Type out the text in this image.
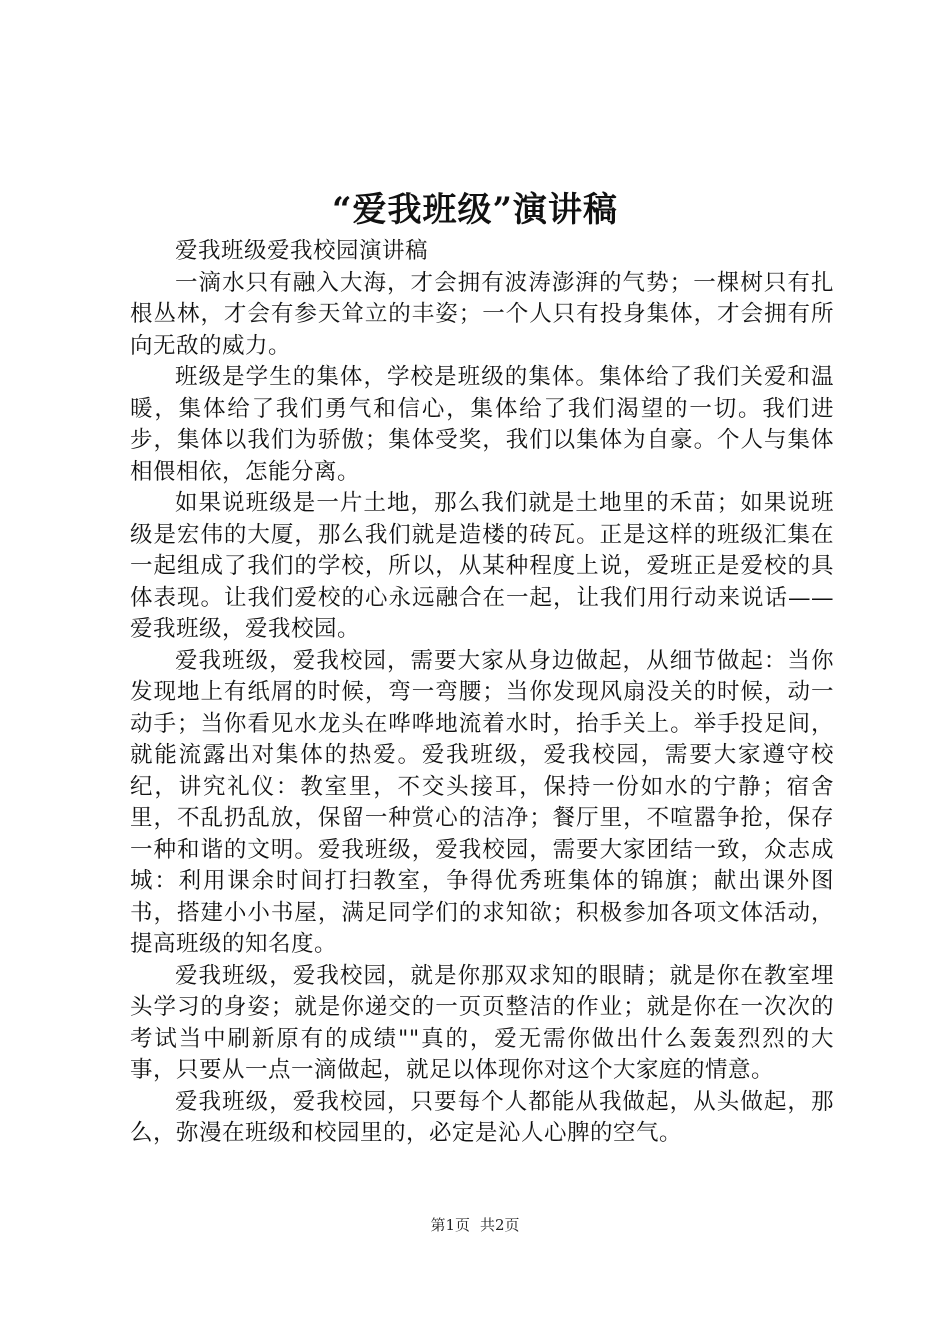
“爱我班级”演讲稿

爱我班级爱我校园演讲稿

一滴水只有融入大海，才会拥有波涛澎湃的气势；一棵树只有扎根丛林，才会有参天耸立的丰姿；一个人只有投身集体，才会拥有所向无敌的威力。

班级是学生的集体，学校是班级的集体。集体给了我们关爱和温暖，集体给了我们勇气和信心，集体给了我们渴望的一切。我们进步，集体以我们为骄傲；集体受奖，我们以集体为自豪。个人与集体相偎相依，怎能分离。

如果说班级是一片土地，那么我们就是土地里的禾苗；如果说班级是宏伟的大厦，那么我们就是造楼的砖瓦。正是这样的班级汇集在一起组成了我们的学校，所以，从某种程度上说，爱班正是爱校的具体表现。让我们爱校的心永远融合在一起，让我们用行动来说话——爱我班级，爱我校园。

爱我班级，爱我校园，需要大家从身边做起，从细节做起：当你发现地上有纸屑的时候，弯一弯腰；当你发现风扇没关的时候，动一动手；当你看见水龙头在哗哗地流着水时，抬手关上。举手投足间，就能流露出对集体的热爱。爱我班级，爱我校园，需要大家遵守校纪，讲究礼仪：教室里，不交头接耳，保持一份如水的宁静；宿舍里，不乱扔乱放，保留一种赏心的洁净；餐厅里，不喧嚣争抢，保存一种和谐的文明。爱我班级，爱我校园，需要大家团结一致，众志成城：利用课余时间打扫教室，争得优秀班集体的锦旗；献出课外图书，搭建小小书屋，满足同学们的求知欲；积极参加各项文体活动，提高班级的知名度。

爱我班级，爱我校园，就是你那双求知的眼睛；就是你在教室埋头学习的身姿；就是你递交的一页页整洁的作业；就是你在一次次的考试当中刷新原有的成绩""真的，爱无需你做出什么轰轰烈烈的大事，只要从一点一滴做起，就足以体现你对这个大家庭的情意。

爱我班级，爱我校园，只要每个人都能从我做起，从头做起，那么，弥漫在班级和校园里的，必定是沁人心脾的空气。

第1页 共2页
